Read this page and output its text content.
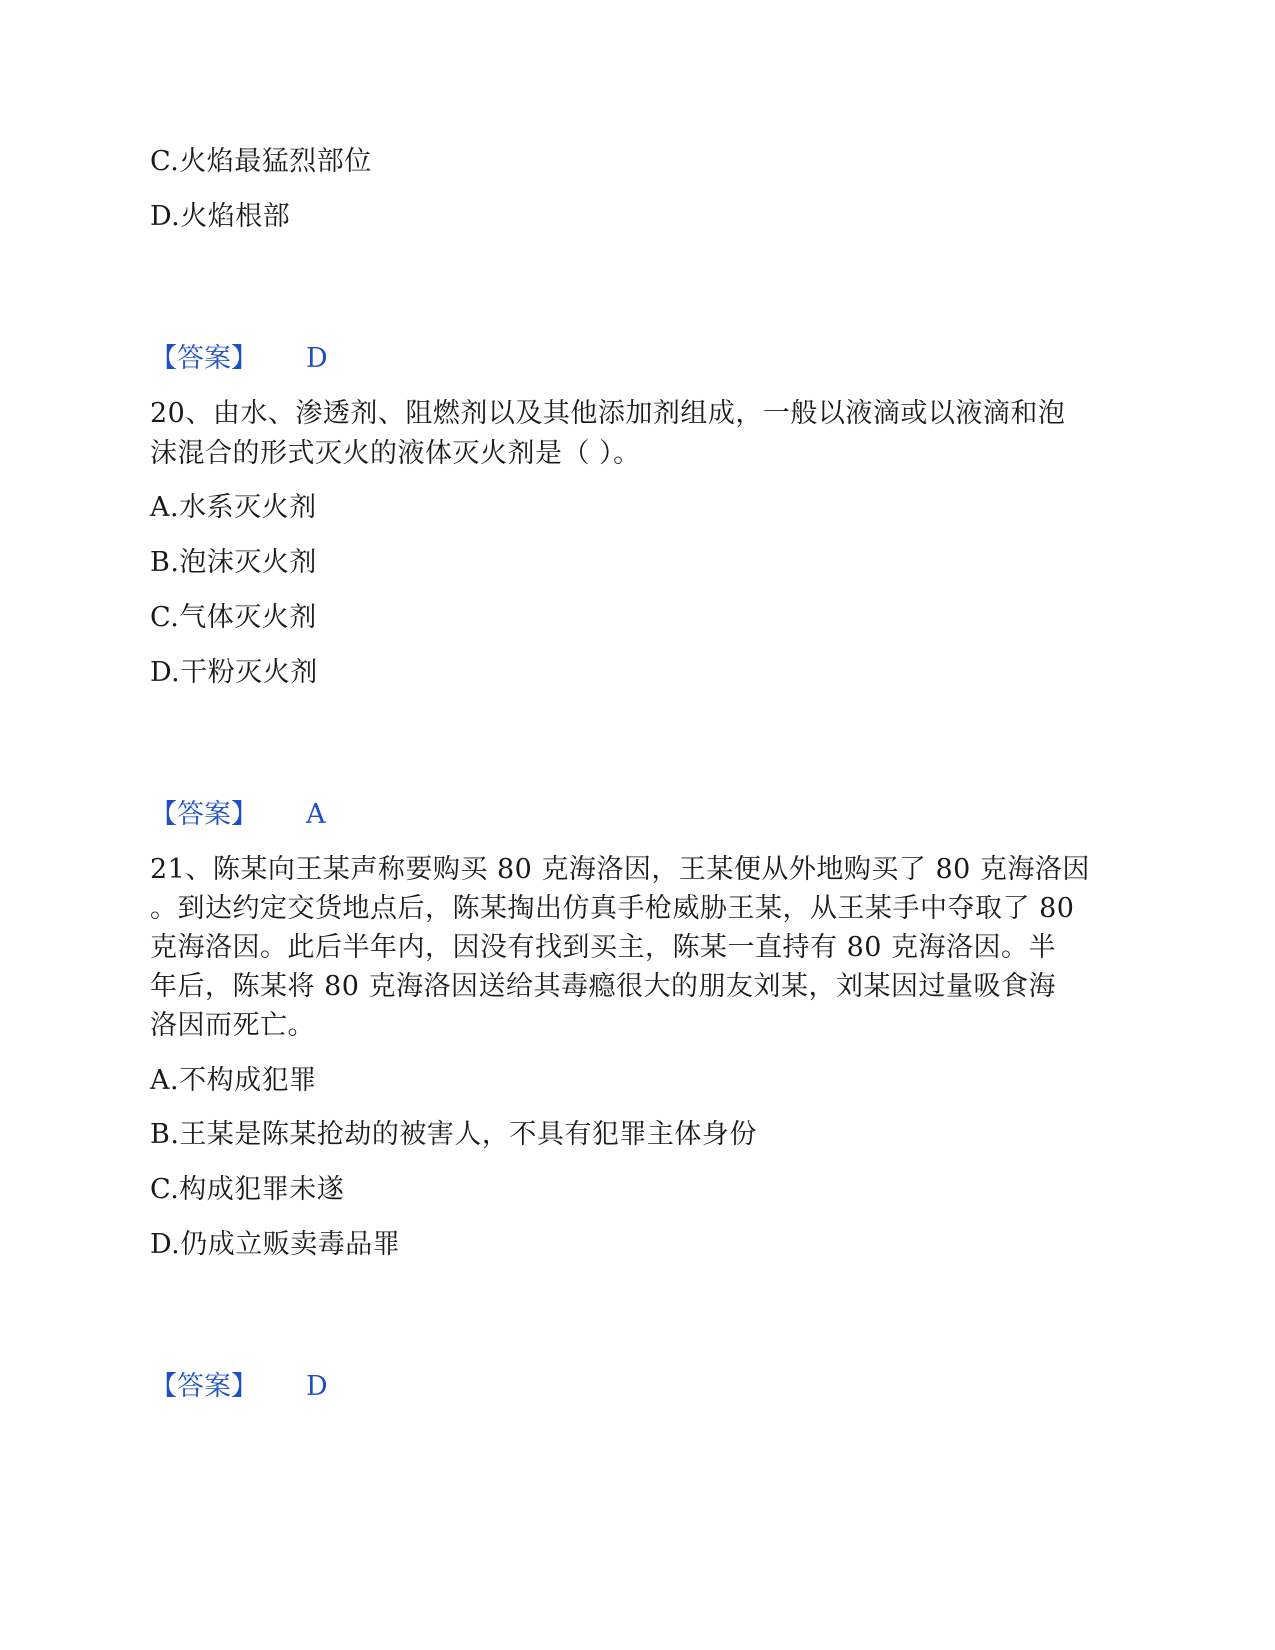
C.火焰最猛烈部位
D.火焰根部
【答案】 D
20、由水、渗透剂、阻燃剂以及其他添加剂组成，一般以液滴或以液滴和泡
沫混合的形式灭火的液体灭火剂是（ ）。
A.水系灭火剂
B.泡沫灭火剂
C.气体灭火剂
D.干粉灭火剂
【答案】 A
21、陈某向王某声称要购买 80 克海洛因，王某便从外地购买了 80 克海洛因
。到达约定交货地点后，陈某掏出仿真手枪威胁王某，从王某手中夺取了 80
克海洛因。此后半年内，因没有找到买主，陈某一直持有 80 克海洛因。半
年后，陈某将 80 克海洛因送给其毒瘾很大的朋友刘某，刘某因过量吸食海
洛因而死亡。
A.不构成犯罪
B.王某是陈某抢劫的被害人，不具有犯罪主体身份
C.构成犯罪未遂
D.仍成立贩卖毒品罪
【答案】 D
